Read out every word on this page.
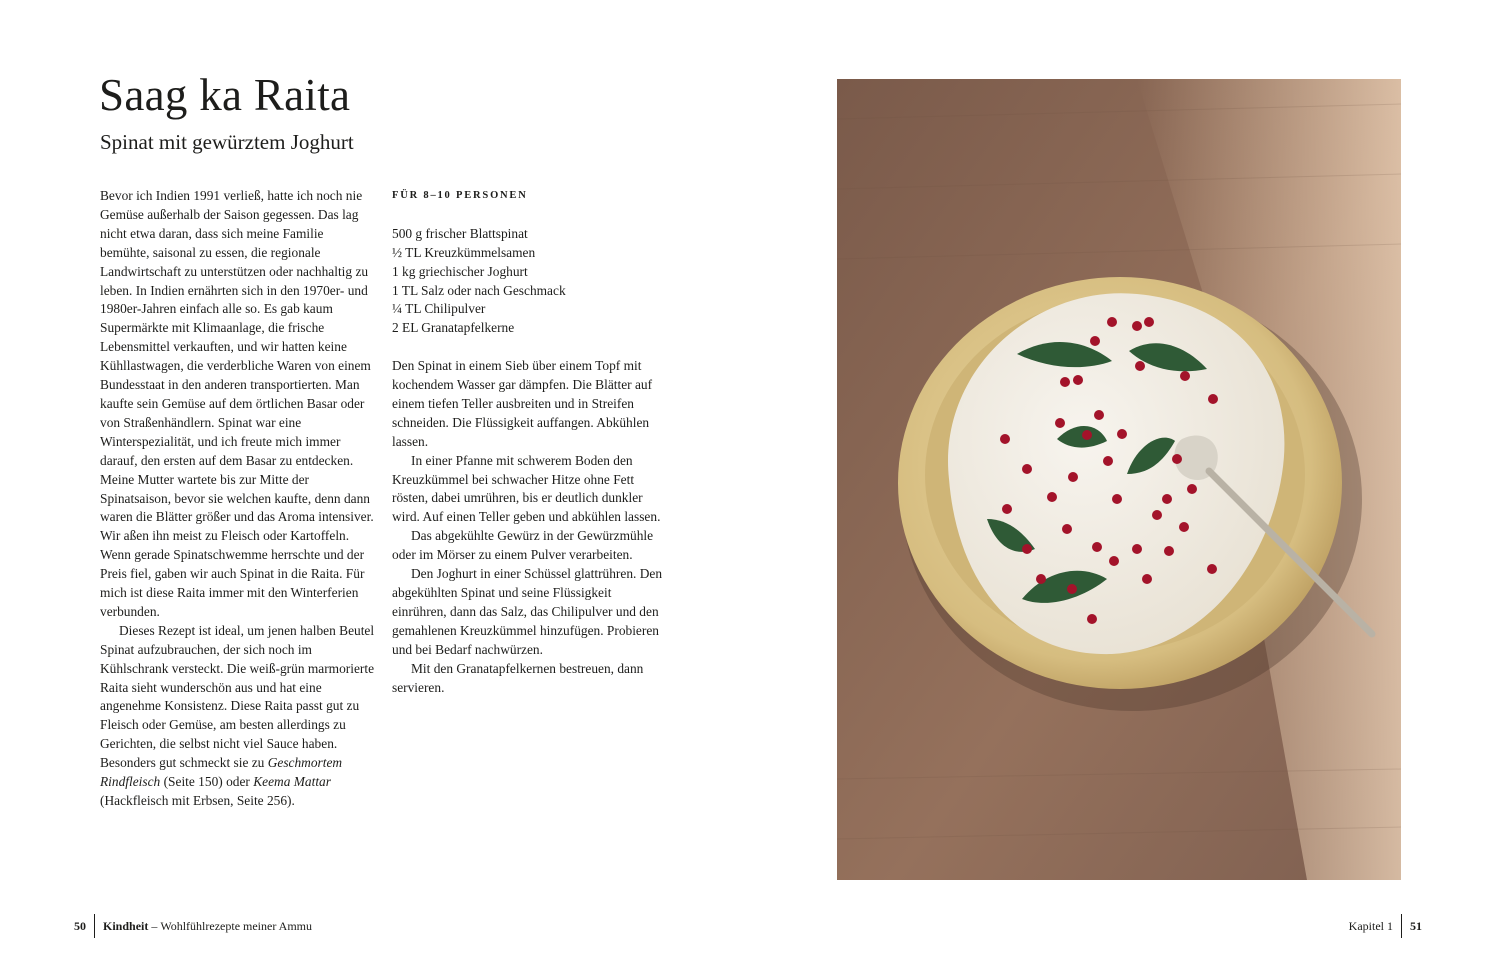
Saag ka Raita
Spinat mit gewürztem Joghurt

Bevor ich Indien 1991 verließ, hatte ich noch nie Gemüse außerhalb der Saison gegessen. Das lag nicht etwa daran, dass sich meine Familie bemühte, saisonal zu essen, die regionale Landwirtschaft zu unterstützen oder nachhaltig zu leben. In Indien ernährten sich in den 1970er- und 1980er-Jahren einfach alle so. Es gab kaum Supermärkte mit Klimaanlage, die frische Lebensmittel verkauften, und wir hatten keine Kühllastwagen, die verderbliche Waren von einem Bundesstaat in den anderen transportierten. Man kaufte sein Gemüse auf dem örtlichen Basar oder von Straßenhändlern. Spinat war eine Winterspezialität, und ich freute mich immer darauf, den ersten auf dem Basar zu entdecken. Meine Mutter wartete bis zur Mitte der Spinatsaison, bevor sie welchen kaufte, denn dann waren die Blätter größer und das Aroma intensiver. Wir aßen ihn meist zu Fleisch oder Kartoffeln. Wenn gerade Spinatschwemme herrschte und der Preis fiel, gaben wir auch Spinat in die Raita. Für mich ist diese Raita immer mit den Winterferien verbunden.

Dieses Rezept ist ideal, um jenen halben Beutel Spinat aufzubrauchen, der sich noch im Kühlschrank versteckt. Die weiß-grün marmorierte Raita sieht wunderschön aus und hat eine angenehme Konsistenz. Diese Raita passt gut zu Fleisch oder Gemüse, am besten allerdings zu Gerichten, die selbst nicht viel Sauce haben. Besonders gut schmeckt sie zu Geschmortem Rindfleisch (Seite 150) oder Keema Mattar (Hackfleisch mit Erbsen, Seite 256).

FÜR 8–10 PERSONEN
500 g frischer Blattspinat
½ TL Kreuzkümmelsamen
1 kg griechischer Joghurt
1 TL Salz oder nach Geschmack
¼ TL Chilipulver
2 EL Granatapfelkerne

Den Spinat in einem Sieb über einem Topf mit kochendem Wasser gar dämpfen. Die Blätter auf einem tiefen Teller ausbreiten und in Streifen schneiden. Die Flüssigkeit auffangen. Abkühlen lassen.

In einer Pfanne mit schwerem Boden den Kreuzkümmel bei schwacher Hitze ohne Fett rösten, dabei umrühren, bis er deutlich dunkler wird. Auf einen Teller geben und abkühlen lassen.

Das abgekühlte Gewürz in der Gewürzmühle oder im Mörser zu einem Pulver verarbeiten.

Den Joghurt in einer Schüssel glattrühren. Den abgekühlten Spinat und seine Flüssigkeit einrühren, dann das Salz, das Chilipulver und den gemahlenen Kreuzkümmel hinzufügen. Probieren und bei Bedarf nachwürzen.

Mit den Granatapfelkernen bestreuen, dann servieren.

50 Kindheit – Wohlfühlrezepte meiner Ammu	Kapitel 1 51
